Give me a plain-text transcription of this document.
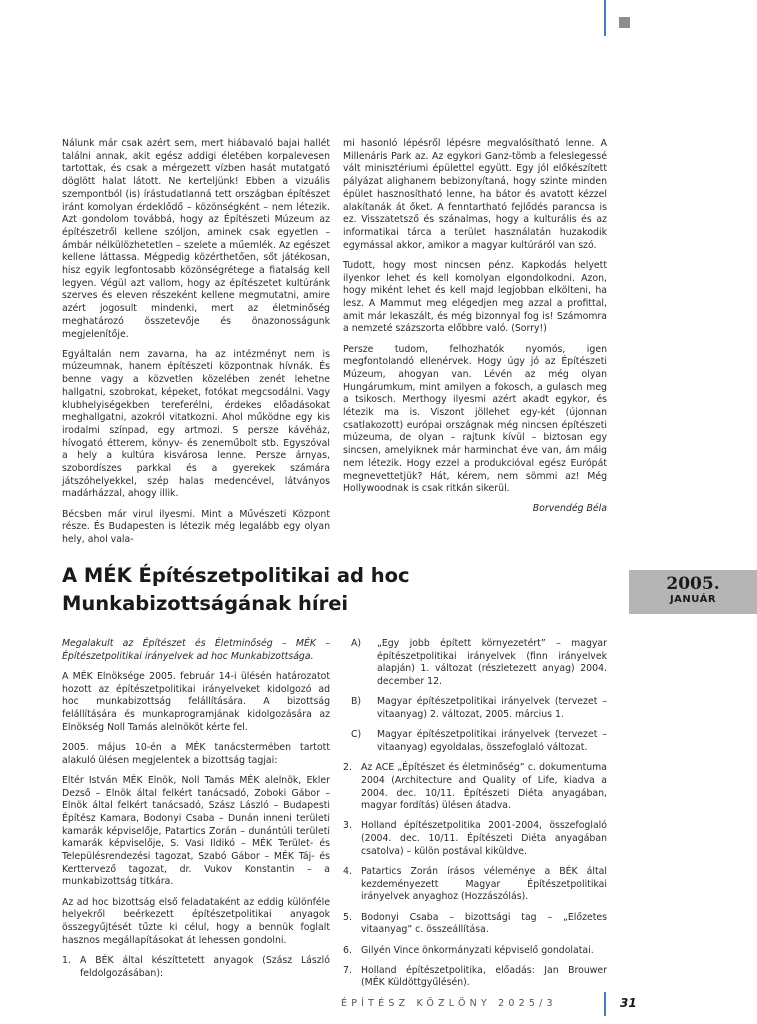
Nálunk már csak azért sem, mert hiábavaló bajai hallét találni annak, akit egész addigi életében korpalevesen tartottak, és csak a mérgezett vízben hasát mutatgató döglött halat látott. Ne kerteljünk! Ebben a vizuális szempontból (is) írástudatlanná tett országban építészet iránt komolyan érdeklődő – közönségként – nem létezik. Azt gondolom továbbá, hogy az Építészeti Múzeum az építészetről kellene szóljon, aminek csak egyetlen – ámbár nélkülözhetetlen – szelete a műemlék. Az egészet kellene láttassa. Mégpedig közérthetően, sőt játékosan, hisz egyik legfontosabb közönségrétege a fiatalság kell legyen. Végül azt vallom, hogy az építészetet kultúránk szerves és eleven részeként kellene megmutatni, amire azért jogosult mindenki, mert az életminőség meghatározó összetevője és önazonosságunk megjelenítője.

Egyáltalán nem zavarna, ha az intézményt nem is múzeumnak, hanem építészeti központnak hívnák. És benne vagy a közvetlen közelében zenét lehetne hallgatni, szobrokat, képeket, fotókat megcsodálni. Vagy klubhelyiségekben tereferélni, érdekes előadásokat meghallgatni, azokról vitatkozni. Ahol működne egy kis irodalmi színpad, egy artmozi. S persze kávéház, hívogató étterem, könyv- és zeneműbolt stb. Egyszóval a hely a kultúra kisvárosa lenne. Persze árnyas, szobordíszes parkkal és a gyerekek számára játszóhelyekkel, szép halas medencével, látványos madárházzal, ahogy illik.

Bécsben már virul ilyesmi. Mint a Művészeti Központ része. És Budapesten is létezik még legalább egy olyan hely, ahol vala-

mi hasonló lépésről lépésre megvalósítható lenne. A Millenáris Park az. Az egykori Ganz-tömb a feleslegessé vált minisztériumi épülettel együtt. Egy jól előkészített pályázat alighanem bebizonyítaná, hogy szinte minden épület hasznosítható lenne, ha bátor és avatott kézzel alakítanák át őket. A fenntartható fejlődés parancsa is ez. Visszatetsző és szánalmas, hogy a kulturális és az informatikai tárca a terület használatán huzakodik egymással akkor, amikor a magyar kultúráról van szó.

Tudott, hogy most nincsen pénz. Kapkodás helyett ilyenkor lehet és kell komolyan elgondolkodni. Azon, hogy miként lehet és kell majd legjobban elkölteni, ha lesz. A Mammut meg elégedjen meg azzal a profittal, amit már lekaszált, és még bizonnyal fog is! Számomra a nemzeté százszorta előbbre való. (Sorry!)

Persze tudom, felhozhatók nyomós, igen megfontolandó ellenérvek. Hogy úgy jó az Építészeti Múzeum, ahogyan van. Lévén az még olyan Hungárumkum, mint amilyen a fokosch, a gulasch meg a tsikosch. Merthogy ilyesmi azért akadt egykor, és létezik ma is. Viszont jöllehet egy-két (újonnan csatlakozott) európai országnak még nincsen építészeti múzeuma, de olyan – rajtunk kívül – biztosan egy sincsen, amelyiknek már harminchat éve van, ám máig nem létezik. Hogy ezzel a produkcióval egész Európát megnevettetjük? Hát, kérem, nem sömmi az! Még Hollywoodnak is csak ritkán sikerül.

Borvendég Béla
A MÉK Építészetpolitikai ad hoc
Munkabizottságának hírei
2005.
JANUÁR

Megalakult az Építészet és Életminőség – MÉK – Építészetpolitikai irányelvek ad hoc Munkabizottsága.

A MÉK Elnöksége 2005. február 14-i ülésén határozatot hozott az építészetpolitikai irányelveket kidolgozó ad hoc munkabizottság felállítására. A bizottság felállítására és munkaprogramjának kidolgozására az Elnökség Noll Tamás alelnököt kérte fel.

2005. május 10-én a MÉK tanácstermében tartott alakuló ülésen megjelentek a bizottság tagjai:

Eltér István MÉK Elnök, Noll Tamás MÉK alelnök, Ekler Dezső – Elnök által felkért tanácsadó, Zoboki Gábor – Elnök által felkért tanácsadó, Szász László – Budapesti Építész Kamara, Bodonyi Csaba – Dunán inneni területi kamarák képviselője, Patartics Zorán – dunántúli területi kamarák képviselője, S. Vasi Ildikó – MÉK Terület- és Településrendezési tagozat, Szabó Gábor – MÉK Táj- és Kerttervező tagozat, dr. Vukov Konstantin – a munkabizottság titkára.

Az ad hoc bizottság első feladataként az eddig különféle helyekről beérkezett építészetpolitikai anyagok összegyűjtését tűzte ki célul, hogy a bennük foglalt hasznos megállapításokat át lehessen gondolni.

1. A BÉK által készíttetett anyagok (Szász László feldolgozásában):
A)	„Egy jobb épített környezetért” – magyar építészetpolitikai irányelvek (finn irányelvek alapján) 1. változat (részletezett anyag) 2004. december 12.
B)	Magyar építészetpolitikai irányelvek (tervezet – vitaanyag) 2. változat, 2005. március 1.
C)	Magyar építészetpolitikai irányelvek (tervezet – vitaanyag) egyoldalas, összefoglaló változat.
2. Az ACE „Építészet és életminőség” c. dokumentuma 2004 (Architecture and Quality of Life, kiadva a 2004. dec. 10/11. Építészeti Diéta anyagában, magyar fordítás) ülésen átadva.
3. Holland építészetpolitika 2001-2004, összefoglaló (2004. dec. 10/11. Építészeti Diéta anyagában csatolva) – külön postával kiküldve.
4. Patartics Zorán írásos véleménye a BÉK által kezdeményezett Magyar Építészetpolitikai irányelvek anyaghoz (Hozzászólás).
5. Bodonyi Csaba – bizottsági tag – „Előzetes vitaanyag” c. összeállítása.
6. Gilyén Vince önkormányzati képviselő gondolatai.
7. Holland építészetpolitika, előadás: Jan Brouwer (MÉK Küldöttgyűlésén).
ÉPÍTÉSZ KÖZLÖNY 2025/3	31
